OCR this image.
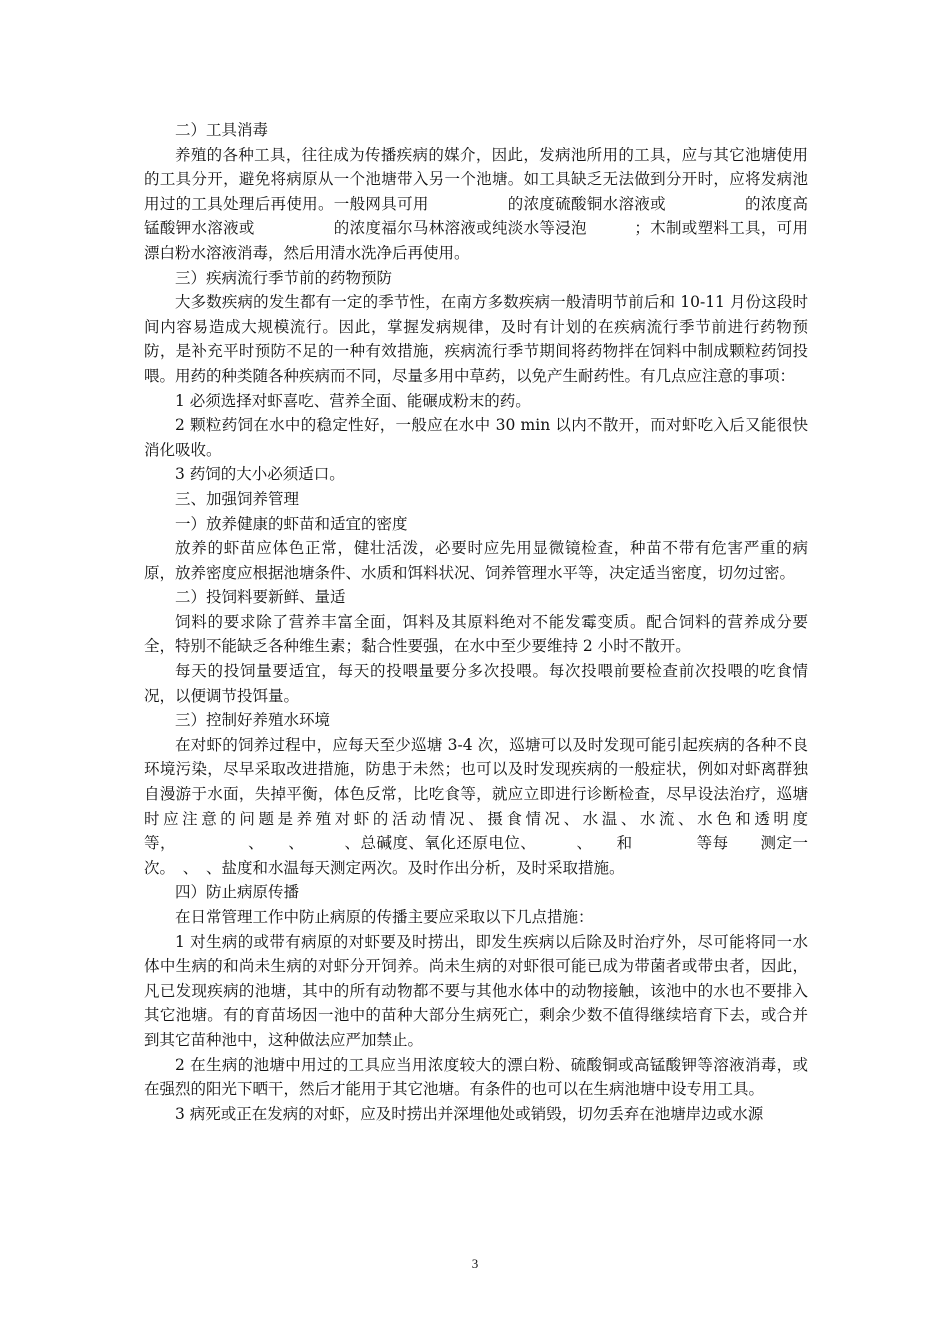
二）工具消毒

养殖的各种工具，往往成为传播疾病的媒介，因此，发病池所用的工具，应与其它池塘使用的工具分开，避免将病原从一个池塘带入另一个池塘。如工具缺乏无法做到分开时，应将发病池用过的工具处理后再使用。一般网具可用　　　　　的浓度硫酸铜水溶液或　　　　　的浓度高锰酸钾水溶液或　　　　　的浓度福尔马林溶液或纯淡水等浸泡　　　；木制或塑料工具，可用　漂白粉水溶液消毒，然后用清水洗净后再使用。

三）疾病流行季节前的药物预防

大多数疾病的发生都有一定的季节性，在南方多数疾病一般清明节前后和 10-11 月份这段时间内容易造成大规模流行。因此，掌握发病规律，及时有计划的在疾病流行季节前进行药物预防，是补充平时预防不足的一种有效措施，疾病流行季节期间将药物拌在饲料中制成颗粒药饲投喂。用药的种类随各种疾病而不同，尽量多用中草药，以免产生耐药性。有几点应注意的事项：

1 必须选择对虾喜吃、营养全面、能碾成粉末的药。

2 颗粒药饲在水中的稳定性好，一般应在水中 30 min 以内不散开，而对虾吃入后又能很快消化吸收。

3 药饲的大小必须适口。

三、加强饲养管理

一）放养健康的虾苗和适宜的密度

放养的虾苗应体色正常，健壮活泼，必要时应先用显微镜检查，种苗不带有危害严重的病原，放养密度应根据池塘条件、水质和饵料状况、饲养管理水平等，决定适当密度，切勿过密。

二）投饲料要新鲜、量适

饲料的要求除了营养丰富全面，饵料及其原料绝对不能发霉变质。配合饲料的营养成分要全，特别不能缺乏各种维生素；黏合性要强，在水中至少要维持 2 小时不散开。

每天的投饲量要适宜，每天的投喂量要分多次投喂。每次投喂前要检查前次投喂的吃食情况，以便调节投饵量。

三）控制好养殖水环境

在对虾的饲养过程中，应每天至少巡塘 3-4 次，巡塘可以及时发现可能引起疾病的各种不良环境污染，尽早采取改进措施，防患于未然；也可以及时发现疾病的一般症状，例如对虾离群独自漫游于水面，失掉平衡，体色反常，比吃食等，就应立即进行诊断检查，尽早设法治疗，巡塘时应注意的问题是养殖对虾的活动情况、摄食情况、水温、水流、水色和透明度等，　　　　　、　　、　　　、总碱度、氧化还原电位、　　　、　　和　　　　等每　　测定一次。　、　、盐度和水温每天测定两次。及时作出分析，及时采取措施。

四）防止病原传播

在日常管理工作中防止病原的传播主要应采取以下几点措施：

1 对生病的或带有病原的对虾要及时捞出，即发生疾病以后除及时治疗外，尽可能将同一水体中生病的和尚未生病的对虾分开饲养。尚未生病的对虾很可能已成为带菌者或带虫者，因此，凡已发现疾病的池塘，其中的所有动物都不要与其他水体中的动物接触，该池中的水也不要排入其它池塘。有的育苗场因一池中的苗种大部分生病死亡，剩余少数不值得继续培育下去，或合并到其它苗种池中，这种做法应严加禁止。

2 在生病的池塘中用过的工具应当用浓度较大的漂白粉、硫酸铜或高锰酸钾等溶液消毒，或在强烈的阳光下晒干，然后才能用于其它池塘。有条件的也可以在生病池塘中设专用工具。

3 病死或正在发病的对虾，应及时捞出并深埋他处或销毁，切勿丢弃在池塘岸边或水源

3
